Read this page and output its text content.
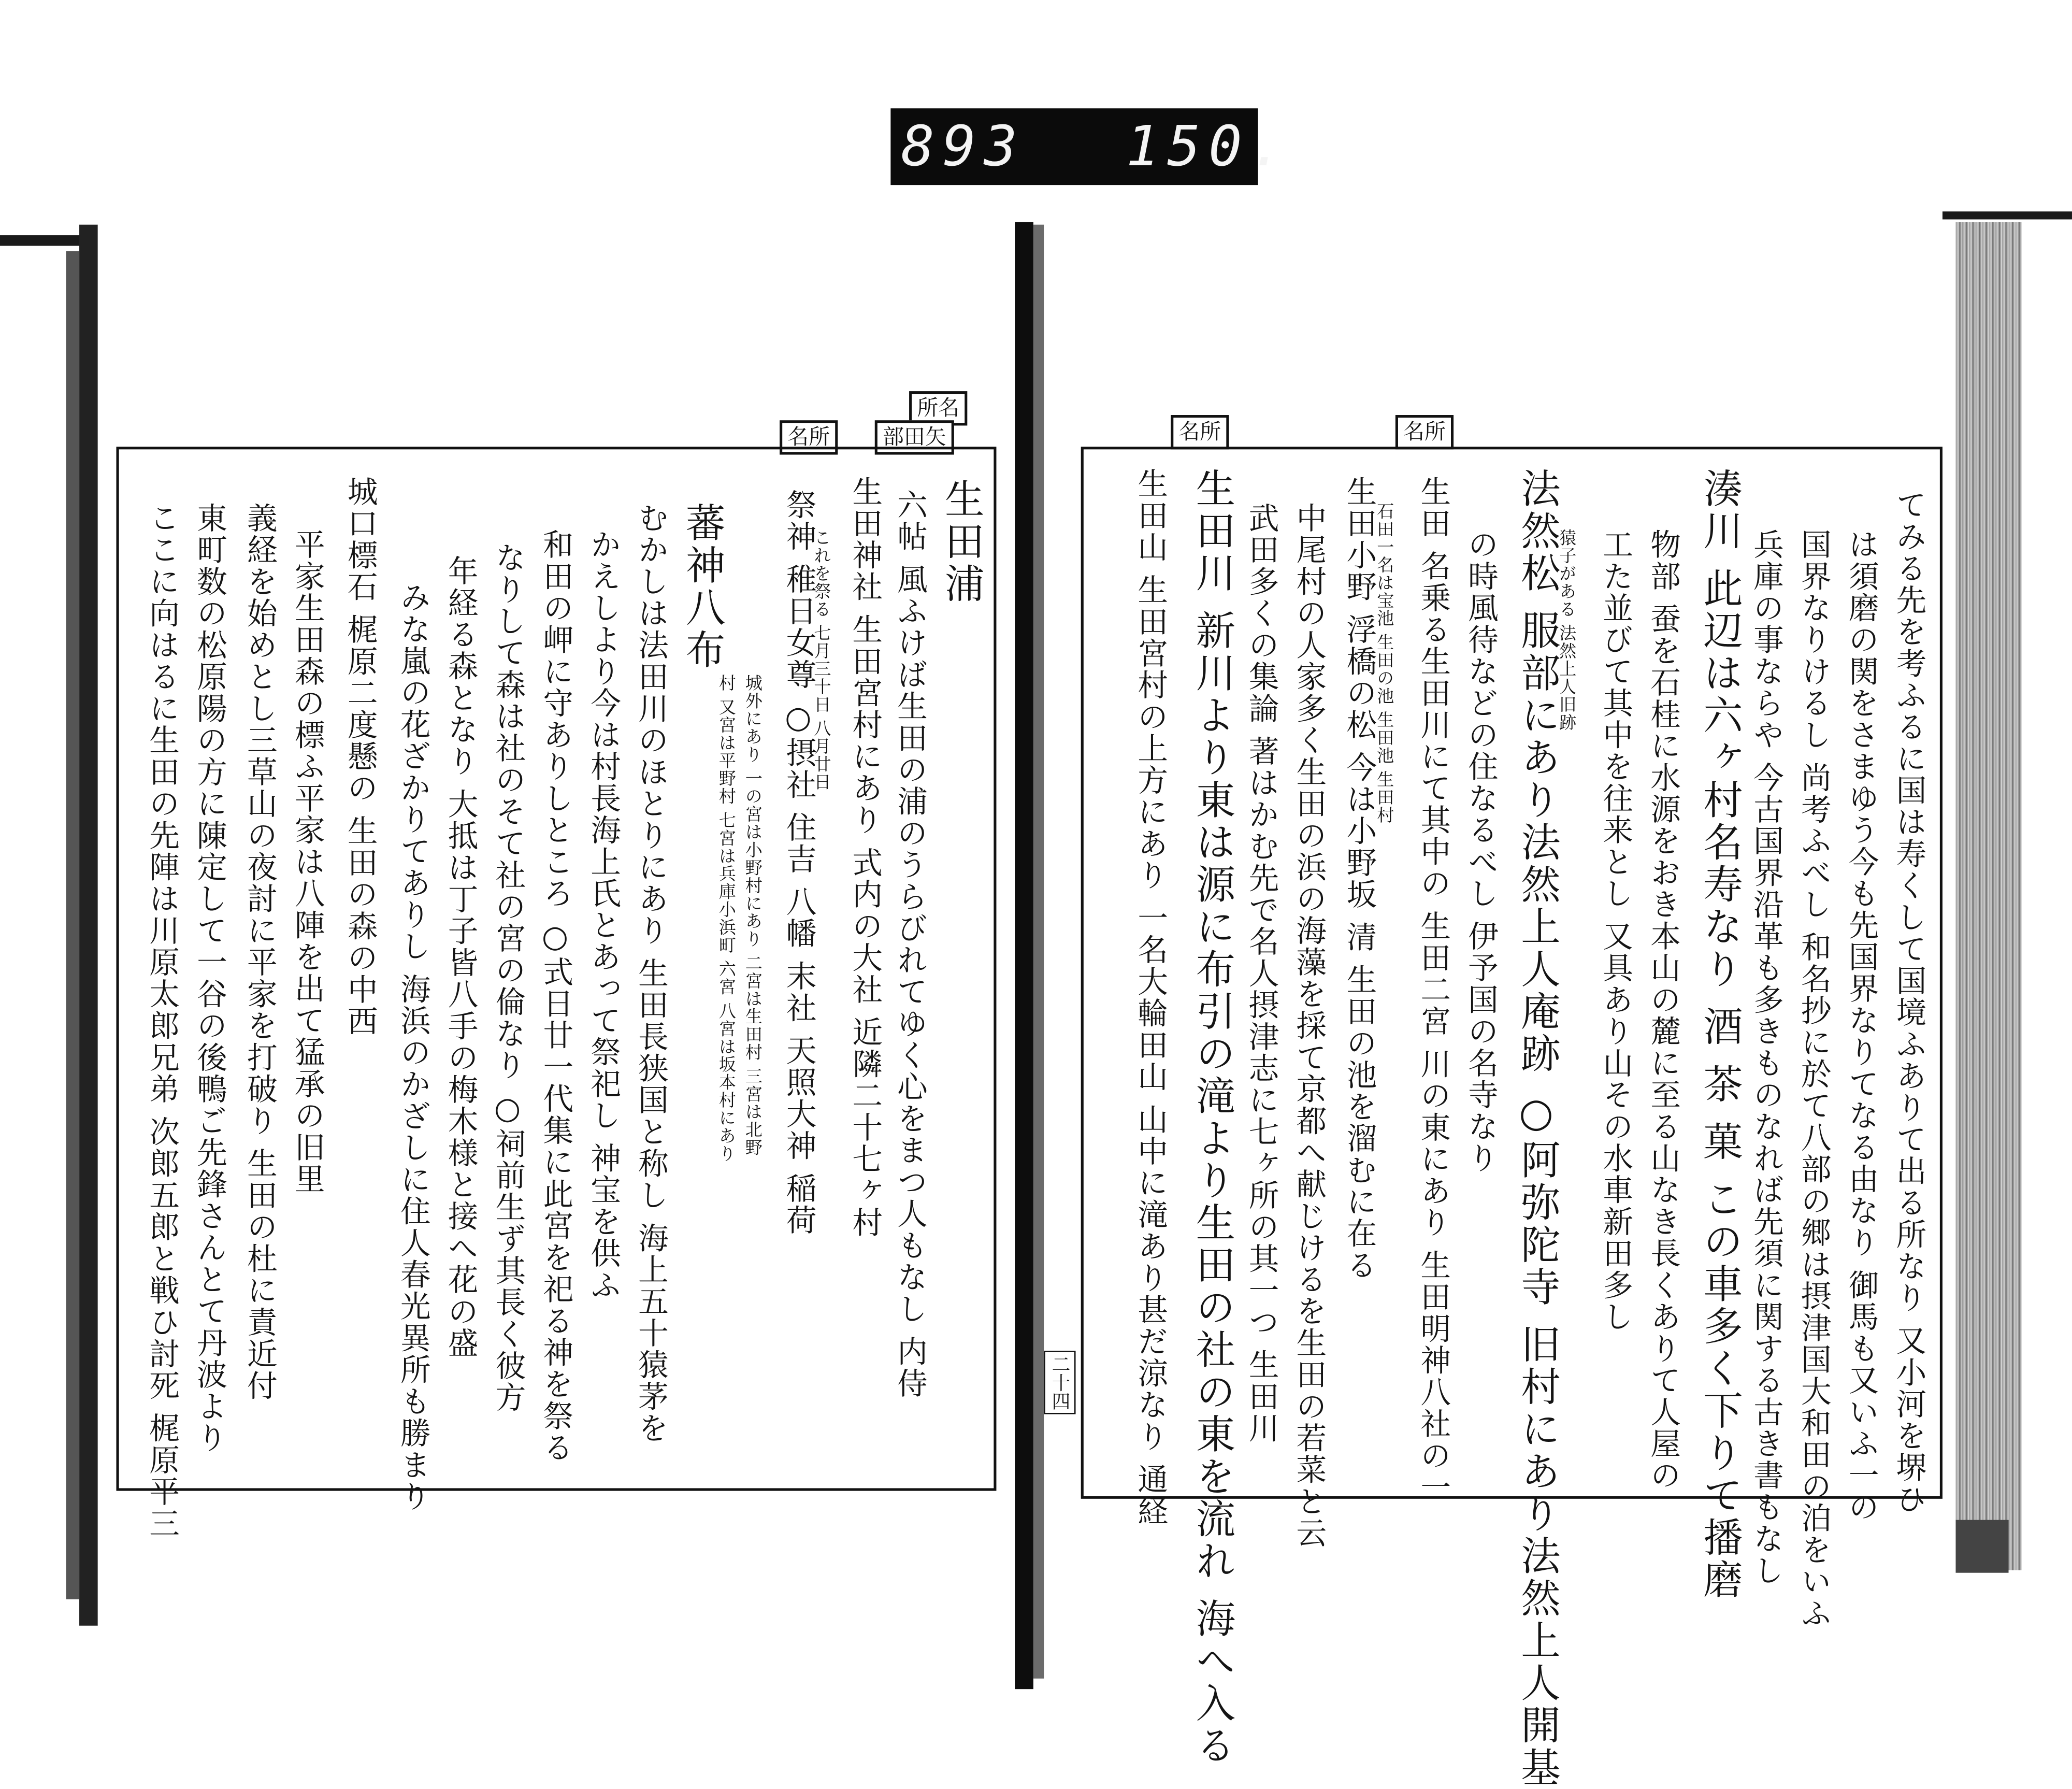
893	150.
所名
部田矢
名所
生田浦
六帖 風ふけば生田の浦のうらびれてゆく心をまつ人もなし 内侍
生田神社 生田宮村にあり 式内の大社 近隣二十七ヶ村
これを祭る 七月三十日 八月廿日
祭神 稚日女尊 ○摂社 住吉 八幡 末社 天照大神 稲荷
城外にあり 一の宮は小野村にあり 二宮は生田村 三宮は北野
村 又宮は平野村 七宮は兵庫小浜町 六宮 八宮は坂本村にあり
蕃神八布
むかしは法田川のほとりにあり 生田長狭国と称し 海上五十猿茅を
かえしより今は村長海上氏とあって祭祀し 神宝を供ふ
和田の岬に守ありしところ ○式日廿一代集に此宮を祀る神を祭る
なりして森は社のそて社の宮の倫なり ○祠前生ず其長く彼方
年経る森となり 大抵は丁子皆八手の梅木様と接へ花の盛
みな嵐の花ざかりてありし 海浜のかざしに住人春光異所も勝まり
城口標石 梶原二度懸の 生田の森の中西
平家生田森の標ふ平家は八陣を出て猛承の旧里
義経を始めとし三草山の夜討に平家を打破り 生田の杜に責近付
東町数の松原陽の方に陳定して一谷の後鴨ご先鋒さんとて丹波より
ここに向はるに生田の先陣は川原太郎兄弟 次郎五郎と戦ひ討死 梶原平三
名所	名所
二十四	てみる先を考ふるに国は寿くして国境ふありて出る所なり 又小河を堺ひ
は須磨の関をさまゆう今も先国界なりてなる由なり 御馬も又いふ一の
国界なりけるし 尚考ふべし 和名抄に於て八部の郷は摂津国大和田の泊をいふ
兵庫の事ならや 今古国界沿革も多きものなれば先須に関する古き書もなし
湊川 此辺は六ヶ村名寿なり 酒 茶 菓 この車多く下りて播磨
物部 蚕を石桂に水源をおき本山の麓に至る山なき長くありて人屋の
工た並びて其中を往来とし 又具あり山その水車新田多し
猿子がある 法然上人旧跡
法然松 服部にあり法然上人庵跡 ○阿弥陀寺 旧村にあり法然上人開基
の時風待などの住なるべし 伊予国の名寺なり
生田 名乗る生田川にて其中の 生田二宮 川の東にあり 生田明神八社の一
石田一名は宝池 生田の池 生田池 生田村
生田小野 浮橋の松 今は小野坂 清 生田の池を溜むに在る
中尾村の人家多く生田の浜の海藻を採て京都へ献じけるを生田の若菜と云
武田多くの集論 著はかむ先で名人摂津志に七ヶ所の其一つ 生田川
生田川 新川より東は源に布引の滝より生田の社の東を流れ 海へ入る
生田山 生田宮村の上方にあり 一名大輪田山 山中に滝あり甚だ涼なり 通経
